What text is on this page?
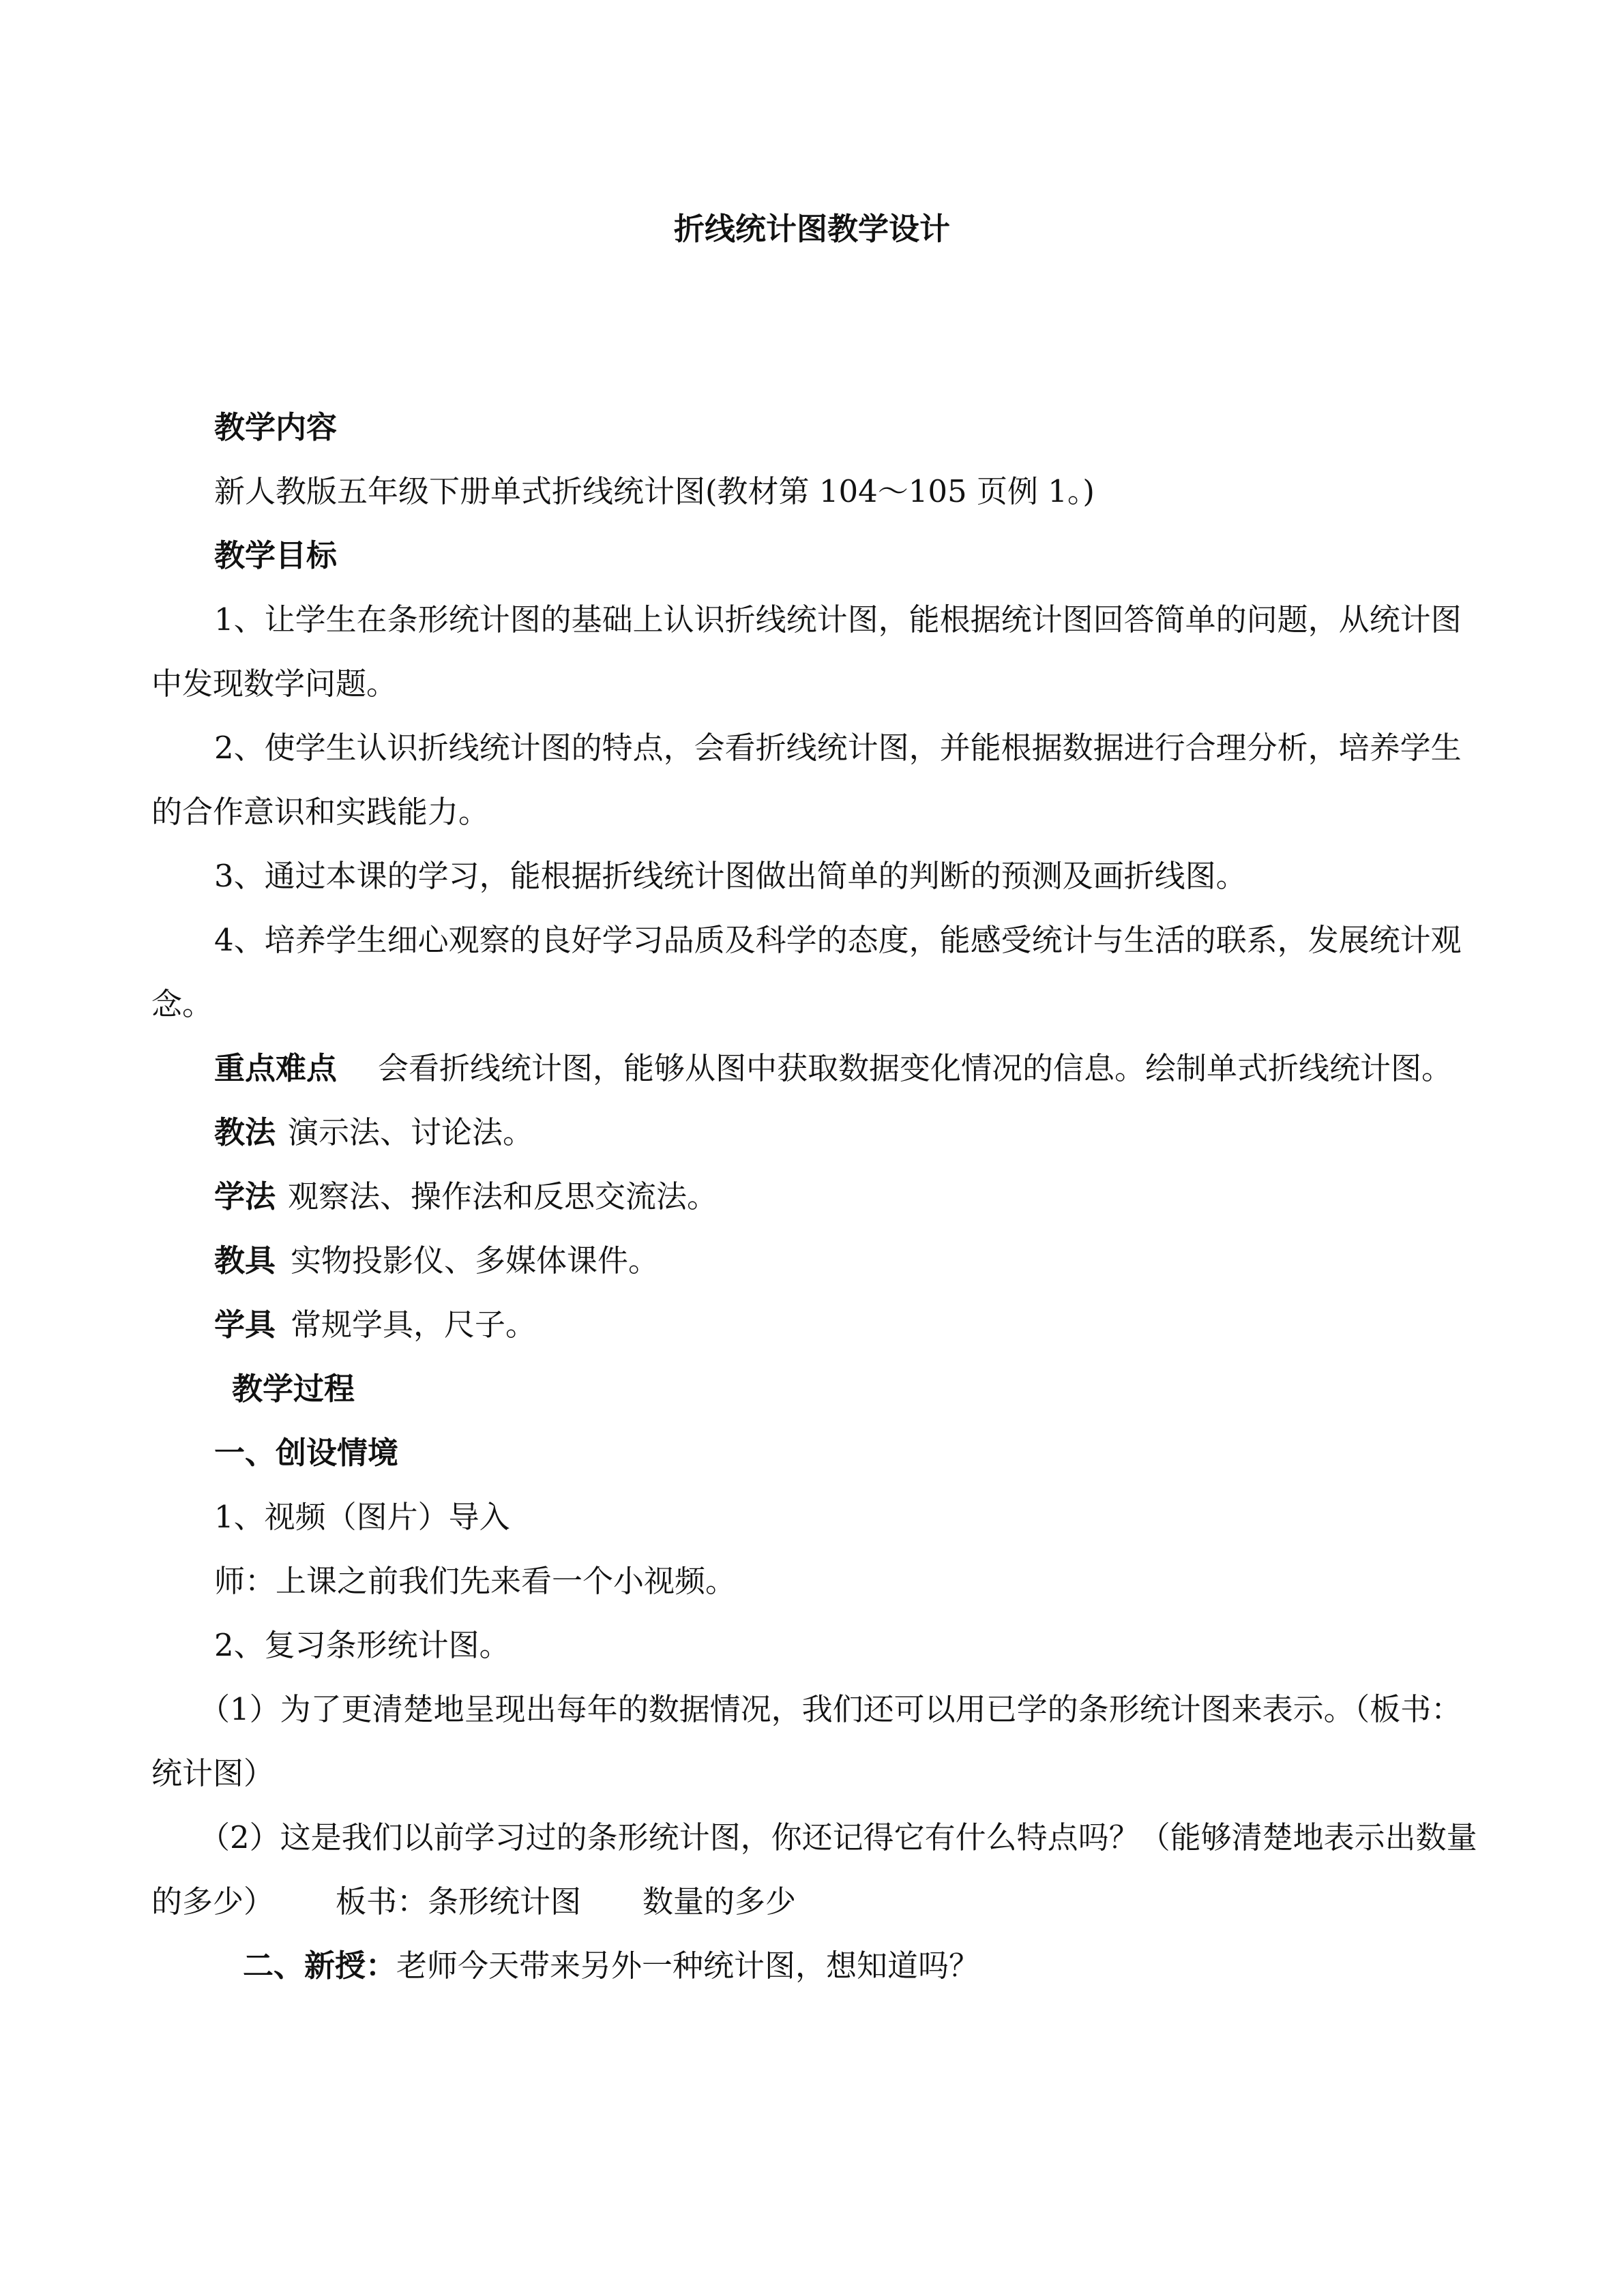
折线统计图教学设计

教学内容

新人教版五年级下册单式折线统计图(教材第 104～105 页例 1。)

教学目标

1、让学生在条形统计图的基础上认识折线统计图，能根据统计图回答简单的问题，从统计图中发现数学问题。

2、使学生认识折线统计图的特点，会看折线统计图，并能根据数据进行合理分析，培养学生的合作意识和实践能力。

3、通过本课的学习，能根据折线统计图做出简单的判断的预测及画折线图。

4、培养学生细心观察的良好学习品质及科学的态度，能感受统计与生活的联系，发展统计观念。

重点难点 会看折线统计图，能够从图中获取数据变化情况的信息。绘制单式折线统计图。

教法 演示法、讨论法。

学法 观察法、操作法和反思交流法。

教具 实物投影仪、多媒体课件。

学具 常规学具，尺子。

教学过程

一、创设情境

1、视频（图片）导入

师：上课之前我们先来看一个小视频。

2、复习条形统计图。

（1）为了更清楚地呈现出每年的数据情况，我们还可以用已学的条形统计图来表示。（板书：统计图）

（2）这是我们以前学习过的条形统计图，你还记得它有什么特点吗？（能够清楚地表示出数量的多少） 板书：条形统计图 数量的多少

二、新授：老师今天带来另外一种统计图，想知道吗？
